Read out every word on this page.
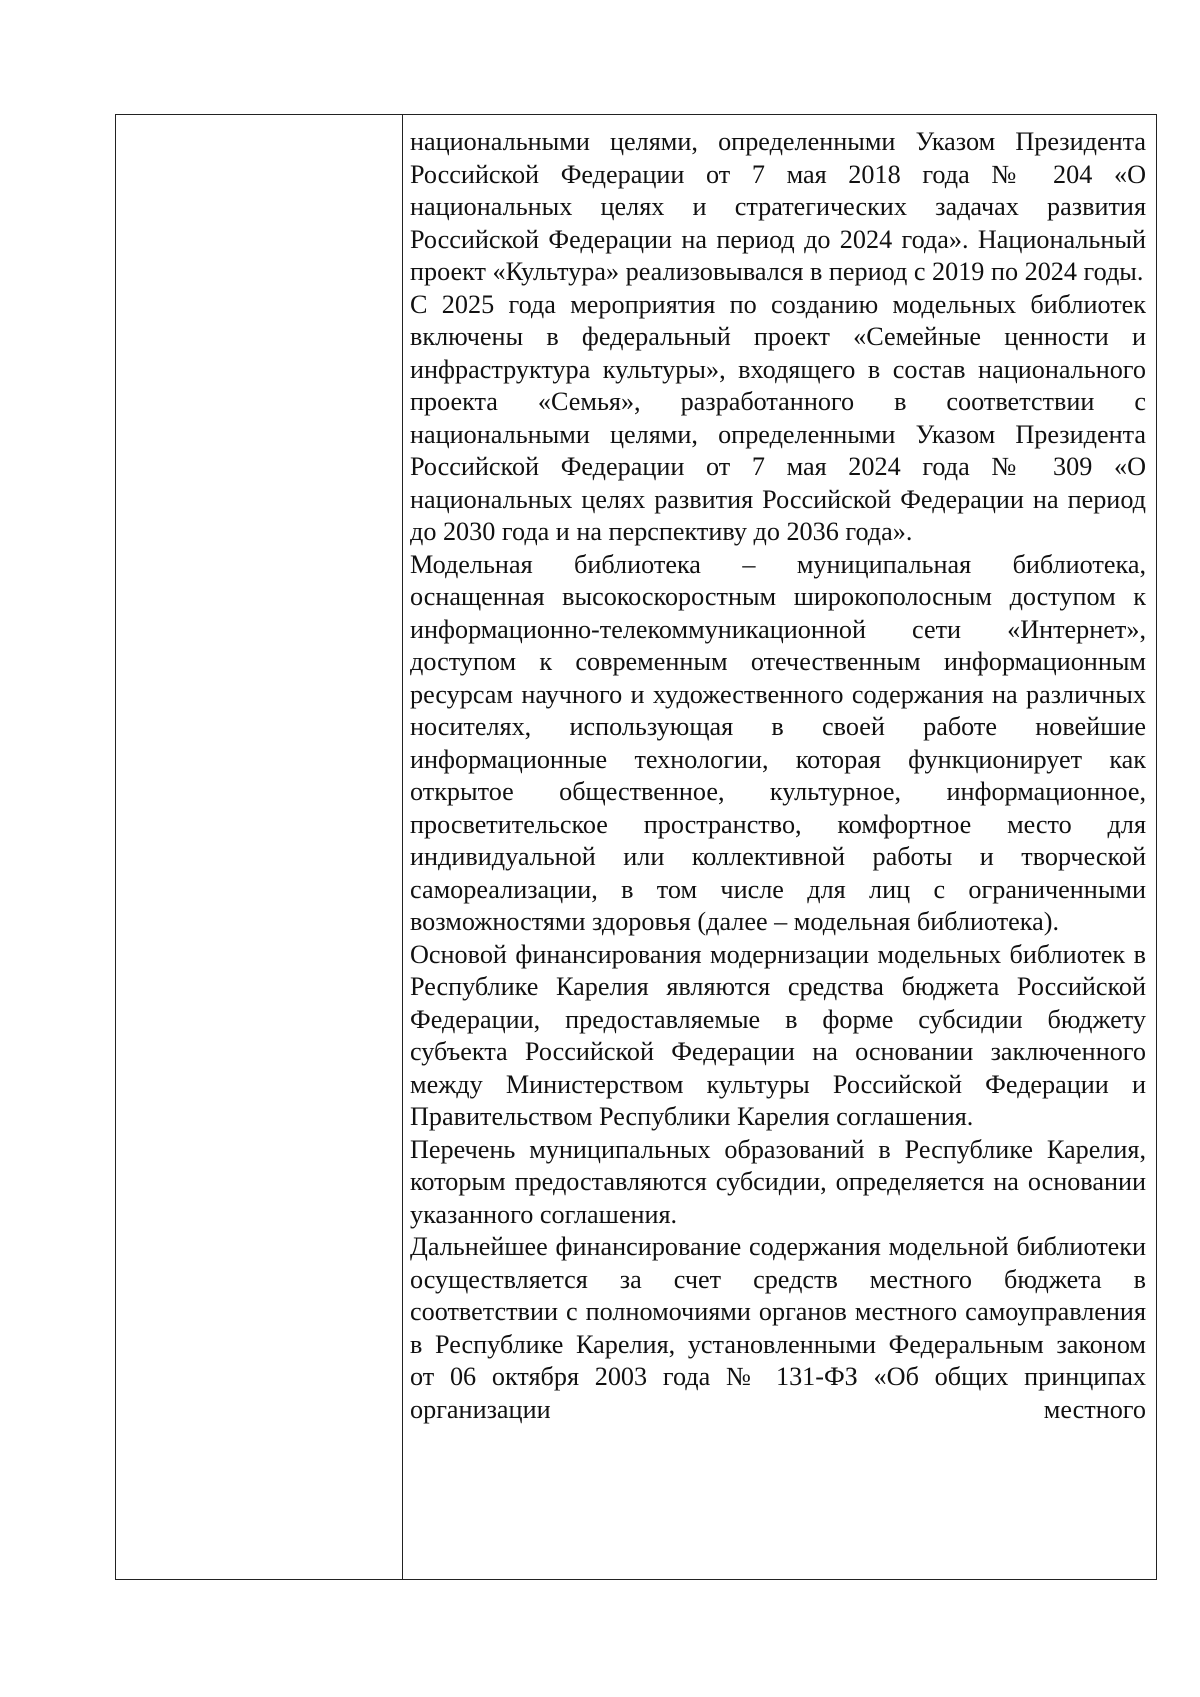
национальными целями, определенными Указом Президента Российской Федерации от 7 мая 2018 года № 204 «О национальных целях и стратегических задачах развития Российской Федерации на период до 2024 года». Национальный проект «Культура» реализовывался в период с 2019 по 2024 годы.

С 2025 года мероприятия по созданию модельных библиотек включены в федеральный проект «Семейные ценности и инфраструктура культуры», входящего в состав национального проекта «Семья», разработанного в соответствии с национальными целями, определенными Указом Президента Российской Федерации от 7 мая 2024 года № 309 «О национальных целях развития Российской Федерации на период до 2030 года и на перспективу до 2036 года».

Модельная библиотека – муниципальная библиотека, оснащенная высокоскоростным широкополосным доступом к информационно-телекоммуникационной сети «Интернет», доступом к современным отечественным информационным ресурсам научного и художественного содержания на различных носителях, использующая в своей работе новейшие информационные технологии, которая функционирует как открытое общественное, культурное, информационное, просветительское пространство, комфортное место для индивидуальной или коллективной работы и творческой самореализации, в том числе для лиц с ограниченными возможностями здоровья (далее – модельная библиотека).

Основой финансирования модернизации модельных библиотек в Республике Карелия являются средства бюджета Российской Федерации, предоставляемые в форме субсидии бюджету субъекта Российской Федерации на основании заключенного между Министерством культуры Российской Федерации и Правительством Республики Карелия соглашения.

Перечень муниципальных образований в Республике Карелия, которым предоставляются субсидии, определяется на основании указанного соглашения.

Дальнейшее финансирование содержания модельной библиотеки осуществляется за счет средств местного бюджета в соответствии с полномочиями органов местного самоуправления в Республике Карелия, установленными Федеральным законом от 06 октября 2003 года № 131-ФЗ «Об общих принципах организации местного
